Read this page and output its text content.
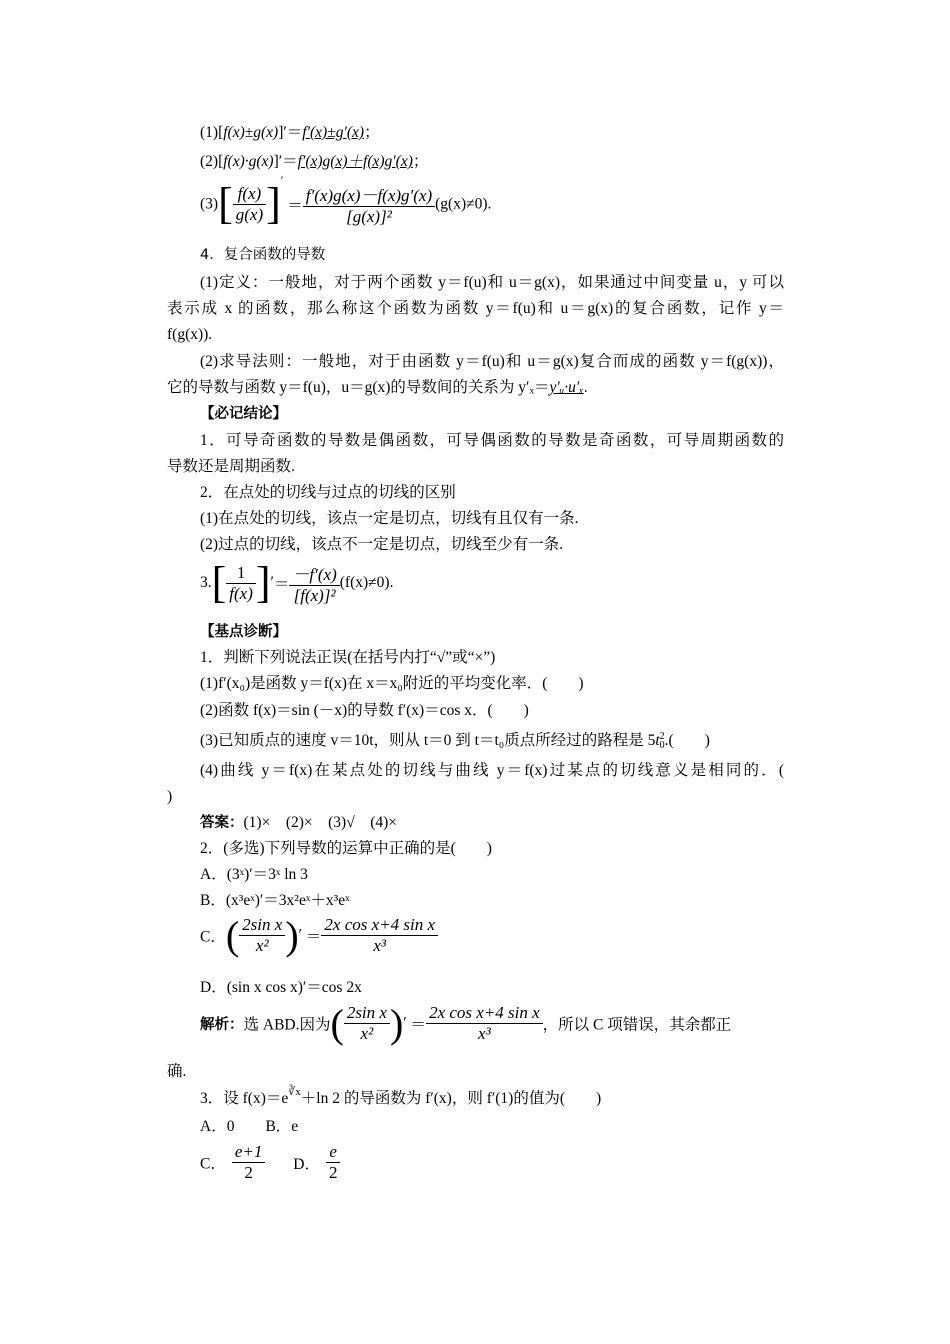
(1)[f(x)±g(x)]′＝f′(x)±g′(x)；
(2)[f(x)·g(x)]′＝f′(x)g(x)＋f(x)g′(x)；
$(3)[ \frac{f(x)}{g(x)} ]' = \frac{f'(x)g(x)-f(x)g'(x)}{\text{[g(x)]²}} (g(x)\ne 0)$.
4．复合函数的导数
(1)定义：一般地，对于两个函数 y＝f(u)和 u＝g(x)，如果通过中间变量 u，y 可以
表示成 x 的函数，那么称这个函数为函数 y＝f(u)和 u＝g(x)的复合函数，记作 y＝
f(g(x)).
(2)求导法则：一般地，对于由函数 y＝f(u)和 u＝g(x)复合而成的函数 y＝f(g(x))，
它的导数与函数 y＝f(u)，u＝g(x)的导数间的关系为 y′ₓ＝y′ᵤ·u′ₓ.
【必记结论】
1．可导奇函数的导数是偶函数，可导偶函数的导数是奇函数，可导周期函数的
导数还是周期函数.
2．在点处的切线与过点的切线的区别
(1)在点处的切线，该点一定是切点，切线有且仅有一条.
(2)过点的切线，该点不一定是切点，切线至少有一条.
$3.[ \frac{1}{f(x)}$ ]′＝ $\frac{-f'(x)}{\text{[f(x)]²}} (f(x)\ne 0)$.
【基点诊断】
1．判断下列说法正误(在括号内打“√”或“×”)
(1)f′(x₀)是函数 y＝f(x)在 x＝x₀附近的平均变化率．(　　)
(2)函数 f(x)＝sin (－x)的导数 f′(x)＝cos x．(　　)
(3)已知质点的速度 v＝10t，则从 t＝0 到 t＝t₀质点所经过的路程是 5t 2
0 .(　　)
(4)曲线 y＝f(x)在某点处的切线与曲线 y＝f(x)过某点的切线意义是相同的．(
)
答案：(1)×　(2)×　(3)√　(4)×
2．(多选)下列导数的运算中正确的是(　　)
A．(3ˣ)′＝3ˣ ln 3
B．(x³eˣ)′＝3x²eˣ＋x³eˣ
C．( $\frac{\text{2sin x}}{\text{x²}}$ )′ ＝ $\frac{\text{2x cos x+4 sin x}}{\text{x³}}$
D．(sin x cos x)′＝cos 2x
解析：选 ABD.因为( $\frac{\text{2sin x}}{\text{x²}}$ )′ ＝ $\frac{\text{2x cos x+4 sin x}}{\text{x³}}$ ，所以 C 项错误，其余都正
确.
3．设 $f(x)=e^{∛x}+\ln$ 2 的导函数为 f′(x)，则 f′(1)的值为(　　)
A．0　　B．e
C． $\frac{e+1}{2}$ D． $\frac{e}{2}$
